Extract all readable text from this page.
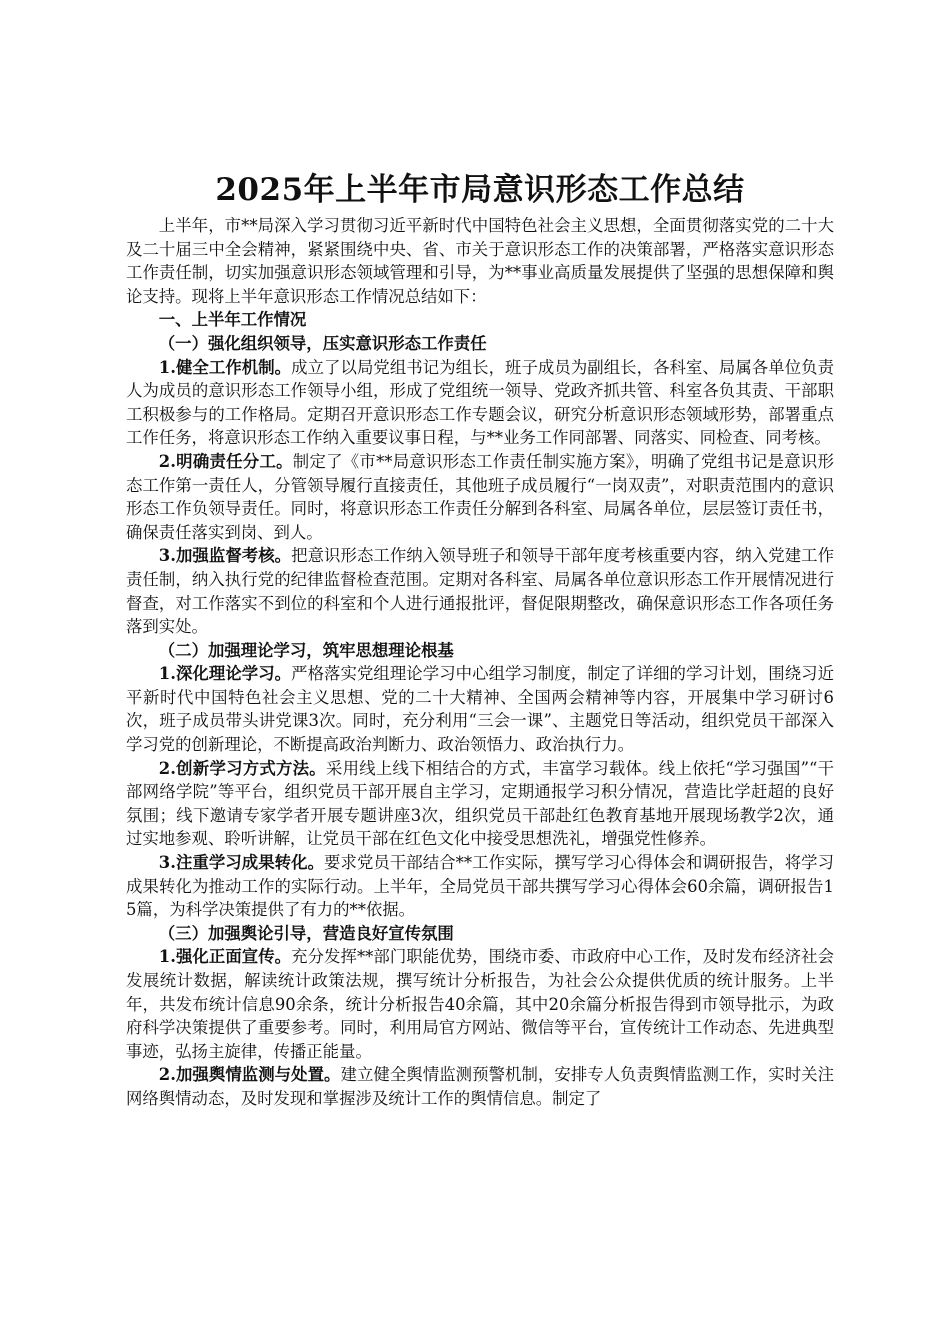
2025年上半年市局意识形态工作总结

上半年，市**局深入学习贯彻习近平新时代中国特色社会主义思想，全面贯彻落实党的二十大及二十届三中全会精神，紧紧围绕中央、省、市关于意识形态工作的决策部署，严格落实意识形态工作责任制，切实加强意识形态领域管理和引导，为**事业高质量发展提供了坚强的思想保障和舆论支持。现将上半年意识形态工作情况总结如下：

一、上半年工作情况

（一）强化组织领导，压实意识形态工作责任

1.健全工作机制。成立了以局党组书记为组长，班子成员为副组长，各科室、局属各单位负责人为成员的意识形态工作领导小组，形成了党组统一领导、党政齐抓共管、科室各负其责、干部职工积极参与的工作格局。定期召开意识形态工作专题会议，研究分析意识形态领域形势，部署重点工作任务，将意识形态工作纳入重要议事日程，与**业务工作同部署、同落实、同检查、同考核。

2.明确责任分工。制定了《市**局意识形态工作责任制实施方案》，明确了党组书记是意识形态工作第一责任人，分管领导履行直接责任，其他班子成员履行“一岗双责”，对职责范围内的意识形态工作负领导责任。同时，将意识形态工作责任分解到各科室、局属各单位，层层签订责任书，确保责任落实到岗、到人。

3.加强监督考核。把意识形态工作纳入领导班子和领导干部年度考核重要内容，纳入党建工作责任制，纳入执行党的纪律监督检查范围。定期对各科室、局属各单位意识形态工作开展情况进行督查，对工作落实不到位的科室和个人进行通报批评，督促限期整改，确保意识形态工作各项任务落到实处。

（二）加强理论学习，筑牢思想理论根基

1.深化理论学习。严格落实党组理论学习中心组学习制度，制定了详细的学习计划，围绕习近平新时代中国特色社会主义思想、党的二十大精神、全国两会精神等内容，开展集中学习研讨6次，班子成员带头讲党课3次。同时，充分利用“三会一课”、主题党日等活动，组织党员干部深入学习党的创新理论，不断提高政治判断力、政治领悟力、政治执行力。

2.创新学习方式方法。采用线上线下相结合的方式，丰富学习载体。线上依托“学习强国”“干部网络学院”等平台，组织党员干部开展自主学习，定期通报学习积分情况，营造比学赶超的良好氛围；线下邀请专家学者开展专题讲座3次，组织党员干部赴红色教育基地开展现场教学2次，通过实地参观、聆听讲解，让党员干部在红色文化中接受思想洗礼，增强党性修养。

3.注重学习成果转化。要求党员干部结合**工作实际，撰写学习心得体会和调研报告，将学习成果转化为推动工作的实际行动。上半年，全局党员干部共撰写学习心得体会60余篇，调研报告15篇，为科学决策提供了有力的**依据。

（三）加强舆论引导，营造良好宣传氛围

1.强化正面宣传。充分发挥**部门职能优势，围绕市委、市政府中心工作，及时发布经济社会发展统计数据，解读统计政策法规，撰写统计分析报告，为社会公众提供优质的统计服务。上半年，共发布统计信息90余条，统计分析报告40余篇，其中20余篇分析报告得到市领导批示，为政府科学决策提供了重要参考。同时，利用局官方网站、微信等平台，宣传统计工作动态、先进典型事迹，弘扬主旋律，传播正能量。

2.加强舆情监测与处置。建立健全舆情监测预警机制，安排专人负责舆情监测工作，实时关注网络舆情动态，及时发现和掌握涉及统计工作的舆情信息。制定了
